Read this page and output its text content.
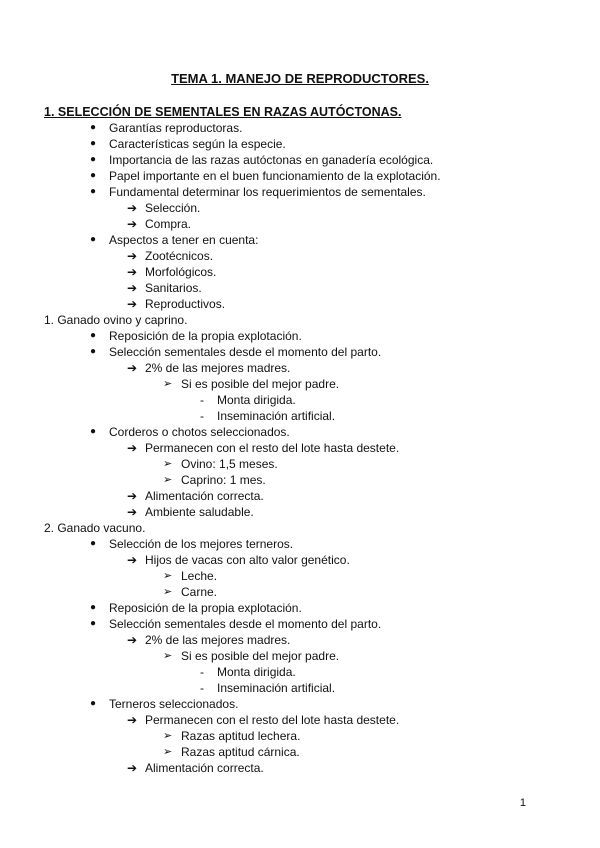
TEMA 1. MANEJO DE REPRODUCTORES.
1. SELECCIÓN DE SEMENTALES EN RAZAS AUTÓCTONAS.
● Garantías reproductoras.
● Características según la especie.
● Importancia de las razas autóctonas en ganadería ecológica.
● Papel importante en el buen funcionamiento de la explotación.
● Fundamental determinar los requerimientos de sementales.
➔ Selección.
➔ Compra.
● Aspectos a tener en cuenta:
➔ Zootécnicos.
➔ Morfológicos.
➔ Sanitarios.
➔ Reproductivos.
1. Ganado ovino y caprino.
● Reposición de la propia explotación.
● Selección sementales desde el momento del parto.
➔ 2% de las mejores madres.
➢ Si es posible del mejor padre.
- Monta dirigida.
- Inseminación artificial.
● Corderos o chotos seleccionados.
➔ Permanecen con el resto del lote hasta destete.
➢ Ovino: 1,5 meses.
➢ Caprino: 1 mes.
➔ Alimentación correcta.
➔ Ambiente saludable.
2. Ganado vacuno.
● Selección de los mejores terneros.
➔ Hijos de vacas con alto valor genético.
➢ Leche.
➢ Carne.
● Reposición de la propia explotación.
● Selección sementales desde el momento del parto.
➔ 2% de las mejores madres.
➢ Si es posible del mejor padre.
- Monta dirigida.
- Inseminación artificial.
● Terneros seleccionados.
➔ Permanecen con el resto del lote hasta destete.
➢ Razas aptitud lechera.
➢ Razas aptitud cárnica.
➔ Alimentación correcta.

1
